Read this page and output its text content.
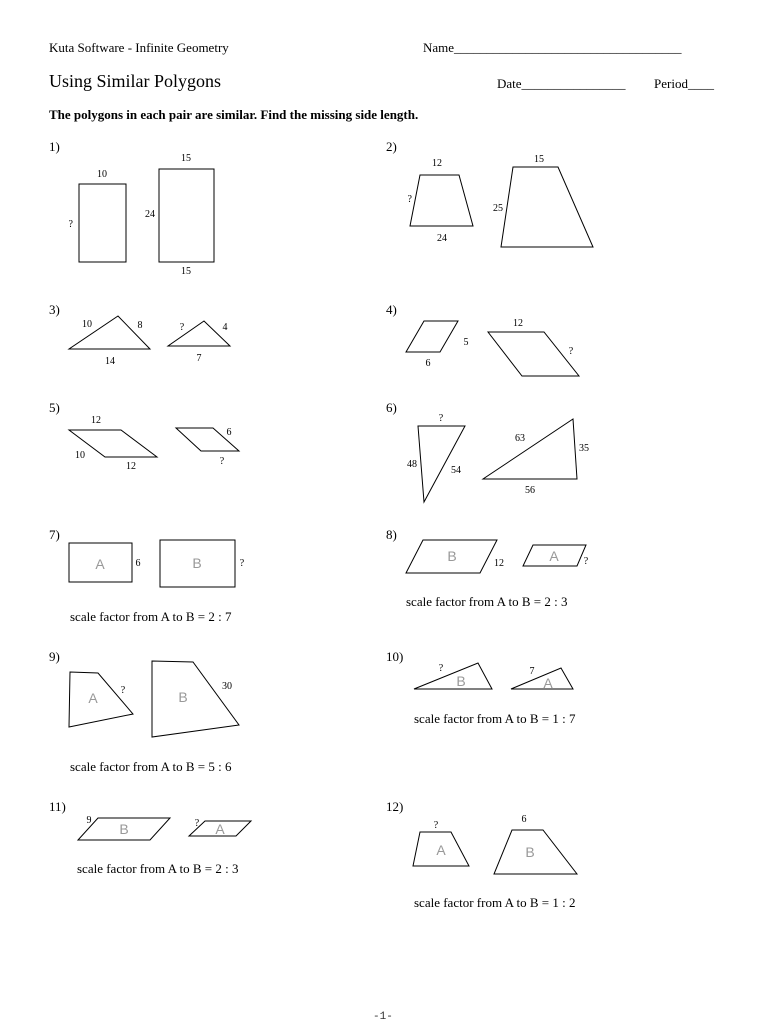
Kuta Software - Infinite Geometry	Name___________________________________
Using Similar Polygons	Date________________ Period____
The polygons in each pair are similar. Find the missing side length.
1)	2)
3)	4)
5)	6)
7)	8)
9)	10)
11)	12)
scale factor from A to B = 2 : 7
scale factor from A to B = 2 : 3
scale factor from A to B = 5 : 6
scale factor from A to B = 1 : 7
scale factor from A to B = 2 : 3
scale factor from A to B = 1 : 2
10
?
15
24
15
12
?
24
15
25
10	8
14
?	4
7
5
6
12
?
12
10
12
6
?
?
48
54
63
35
56
A	6	B	?	B	12	A	?
A ?	B
30
?
B
7
A
9
B	? A	?
A
6
B
-1-
